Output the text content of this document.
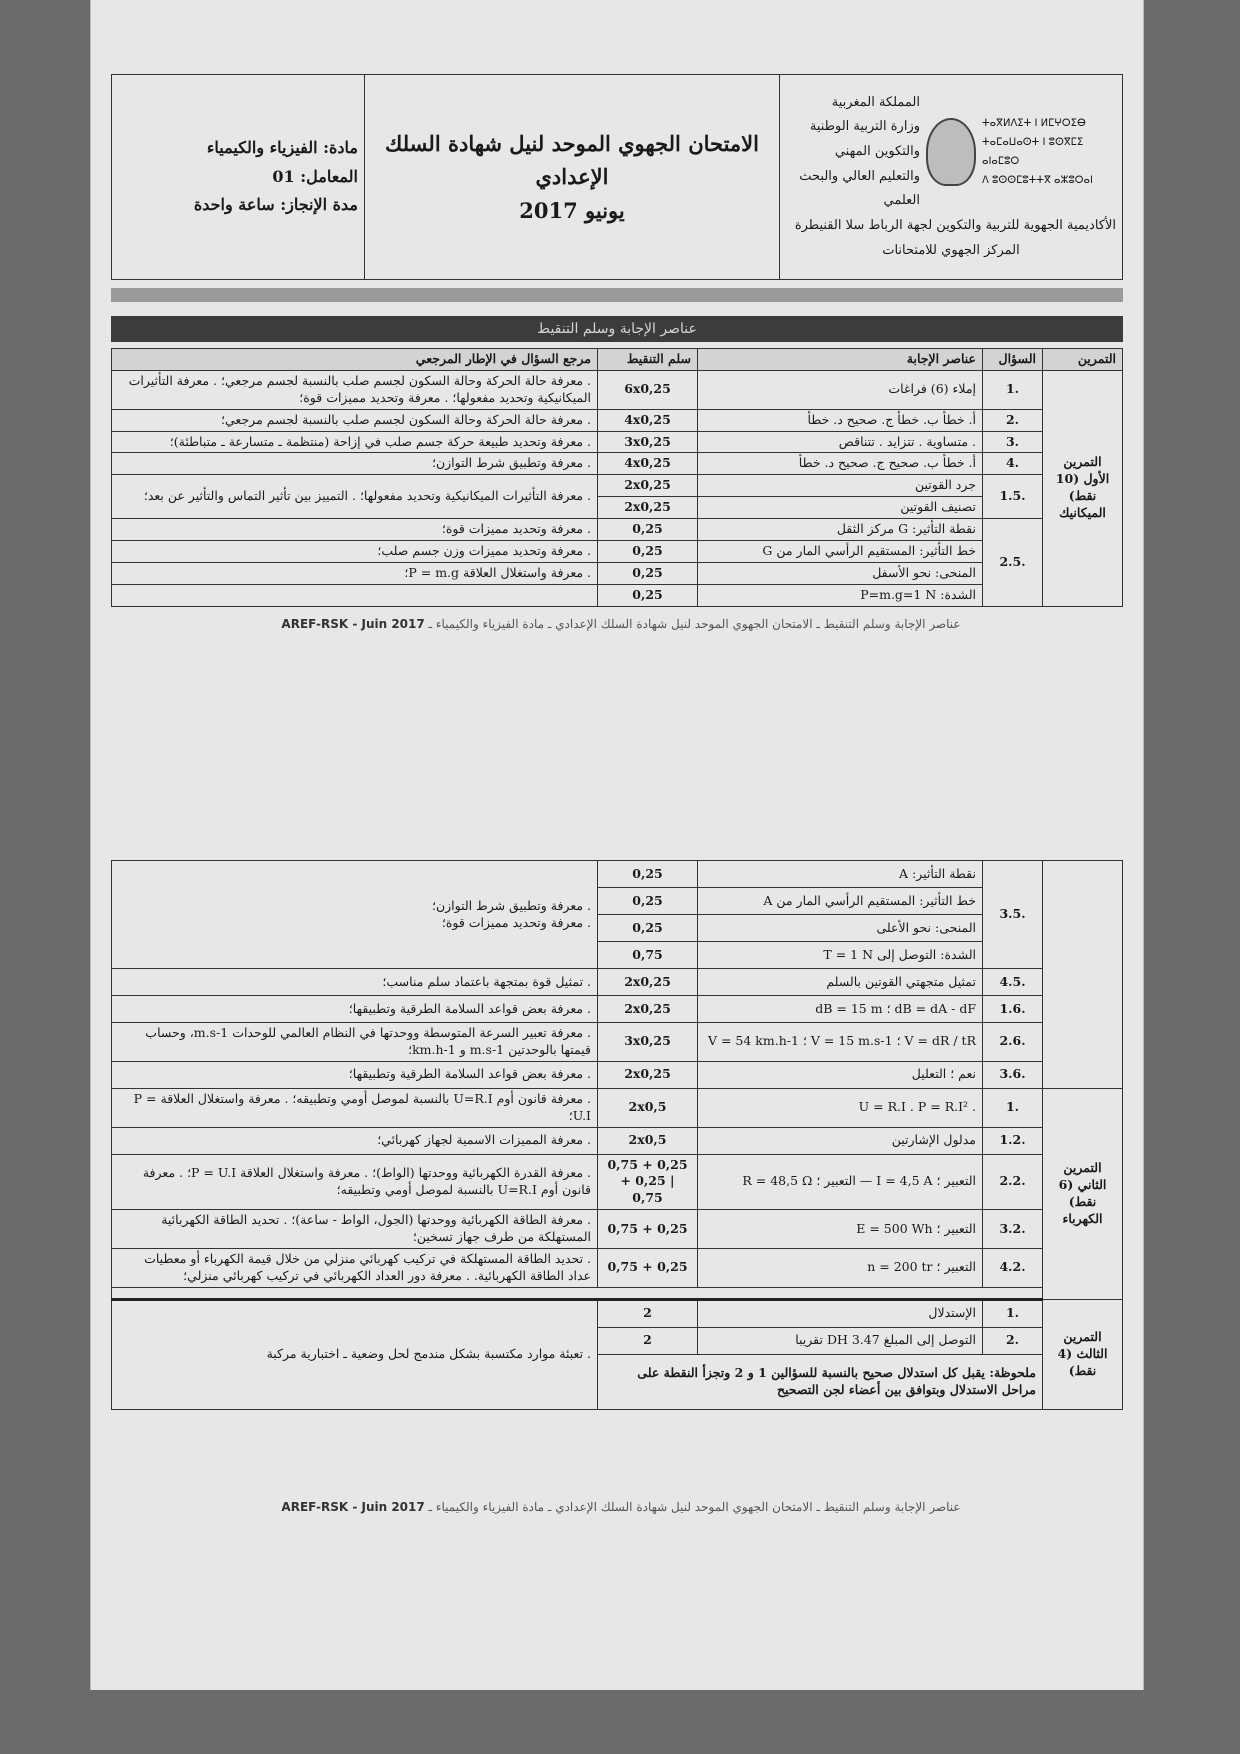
مادة: الفيزياء والكيمياء
المعامل: 01
مدة الإنجاز: ساعة واحدة

الامتحان الجهوي الموحد لنيل شهادة السلك
الإعدادي
يونيو 2017

المملكة المغربية
وزارة التربية الوطنية والتكوين المهني
والتعليم العالي والبحث العلمي
ⵜⴰⴳⵍⴷⵉⵜ ⵏ ⵍⵎⵖⵔⵉⴱ
ⵜⴰⵎⴰⵡⴰⵙⵜ ⵏ ⵓⵙⴳⵎⵉ ⴰⵏⴰⵎⵓⵔ
ⴷ ⵓⵙⵙⵎⵓⵜⵜⴳ ⴰⵣⵓⵔⴰⵏ
الأكاديمية الجهوية للتربية والتكوين لجهة الرباط سلا القنيطرة
المركز الجهوي للامتحانات
عناصر الإجابة وسلم التنقيط
التمرين	السؤال	عناصر الإجابة	سلم التنقيط	مرجع السؤال في الإطار المرجعي
التمرين الأول (10 نقط) الميكانيك	.1	إملاء (6) فراغات	6x0,25	. معرفة حالة الحركة وحالة السكون لجسم صلب بالنسبة لجسم مرجعي؛ . معرفة التأثيرات الميكانيكية وتحديد مفعولها؛ . معرفة وتحديد مميزات قوة؛
	.2	أ. خطأ ب. خطأ ج. صحيح د. خطأ	4x0,25	. معرفة حالة الحركة وحالة السكون لجسم صلب بالنسبة لجسم مرجعي؛
	.3	. متساوية . تتزايد . تتناقص	3x0,25	. معرفة وتحديد طبيعة حركة جسم صلب في إزاحة (منتظمة ـ متسارعة ـ متباطئة)؛
	.4	أ. خطأ ب. صحيح ج. صحيح د. خطأ	4x0,25	. معرفة وتطبيق شرط التوازن؛
	.1.5	جرد القوتين	2x0,25	. معرفة التأثيرات الميكانيكية وتحديد مفعولها؛ . التمييز بين تأثير التماس والتأثير عن بعد؛
		تصنيف القوتين	2x0,25	
	.2.5	نقطة التأثير: G مركز الثقل	0,25	. معرفة وتحديد مميزات قوة؛
		خط التأثير: المستقيم الرأسي المار من G	0,25	. معرفة وتحديد مميزات وزن جسم صلب؛
		المنحى: نحو الأسفل	0,25	. معرفة واستغلال العلاقة P = m.g؛
		الشدة: P=m.g=1 N	0,25	
عناصر الإجابة وسلم التنقيط ـ الامتحان الجهوي الموحد لنيل شهادة السلك الإعدادي ـ مادة الفيزياء والكيمياء ـ AREF-RSK - Juin 2017
	.3.5	نقطة التأثير: A	0,25	. معرفة وتطبيق شرط التوازن؛
. معرفة وتحديد مميزات قوة؛

		خط التأثير: المستقيم الرأسي المار من A	0,25	
		المنحى: نحو الأعلى	0,25	
		الشدة: التوصل إلى T = 1 N	0,75	
	.4.5	تمثيل متجهتي القوتين بالسلم	2x0,25	. تمثيل قوة بمتجهة باعتماد سلم مناسب؛
	.1.6	dB = dA - dF ؛ dB = 15 m	2x0,25	. معرفة بعض قواعد السلامة الطرقية وتطبيقها؛
	.2.6	V = dR / tR ؛ V = 15 m.s-1 ؛ V = 54 km.h-1	3x0,25	. معرفة تعبير السرعة المتوسطة ووحدتها في النظام العالمي للوحدات m.s-1، وحساب قيمتها بالوحدتين m.s-1 و km.h-1؛
	.3.6	نعم ؛ التعليل	2x0,25	. معرفة بعض قواعد السلامة الطرقية وتطبيقها؛
التمرين الثاني (6 نقط) الكهرباء	.1	. U = R.I . P = R.I²	2x0,5	. معرفة قانون أوم U=R.I بالنسبة لموصل أومي وتطبيقه؛ . معرفة واستغلال العلاقة P = U.I؛
	.1.2	مدلول الإشارتين	2x0,5	. معرفة المميزات الاسمية لجهاز كهربائي؛
	.2.2	التعبير ؛ I = 4,5 A — التعبير ؛ R = 48,5 Ω	0,25 + 0,75 | 0,25 + 0,75	. معرفة القدرة الكهربائية ووحدتها (الواط)؛ . معرفة واستغلال العلاقة P = U.I؛ . معرفة قانون أوم U=R.I بالنسبة لموصل أومي وتطبيقه؛
	.3.2	التعبير ؛ E = 500 Wh	0,25 + 0,75	. معرفة الطاقة الكهربائية ووحدتها (الجول، الواط - ساعة)؛ . تحديد الطاقة الكهربائية المستهلكة من طرف جهاز تسخين؛
	.4.2	التعبير ؛ n = 200 tr	0,25 + 0,75	. تحديد الطاقة المستهلكة في تركيب كهربائي منزلي من خلال قيمة الكهرباء أو معطيات عداد الطاقة الكهربائية. . معرفة دور العداد الكهربائي في تركيب كهربائي منزلي؛

التمرين الثالث (4 نقط)	.1	الإستدلال	2	. تعبئة موارد مكتسبة بشكل مندمج لحل وضعية ـ اختبارية مركبة
	.2	التوصل إلى المبلغ 3.47 DH تقريبا	2	
	ملحوظة: يقبل كل استدلال صحيح بالنسبة للسؤالين 1 و 2 وتجزأ النقطة على مراحل الاستدلال وبتوافق بين أعضاء لجن التصحيح			
عناصر الإجابة وسلم التنقيط ـ الامتحان الجهوي الموحد لنيل شهادة السلك الإعدادي ـ مادة الفيزياء والكيمياء ـ AREF-RSK - Juin 2017
